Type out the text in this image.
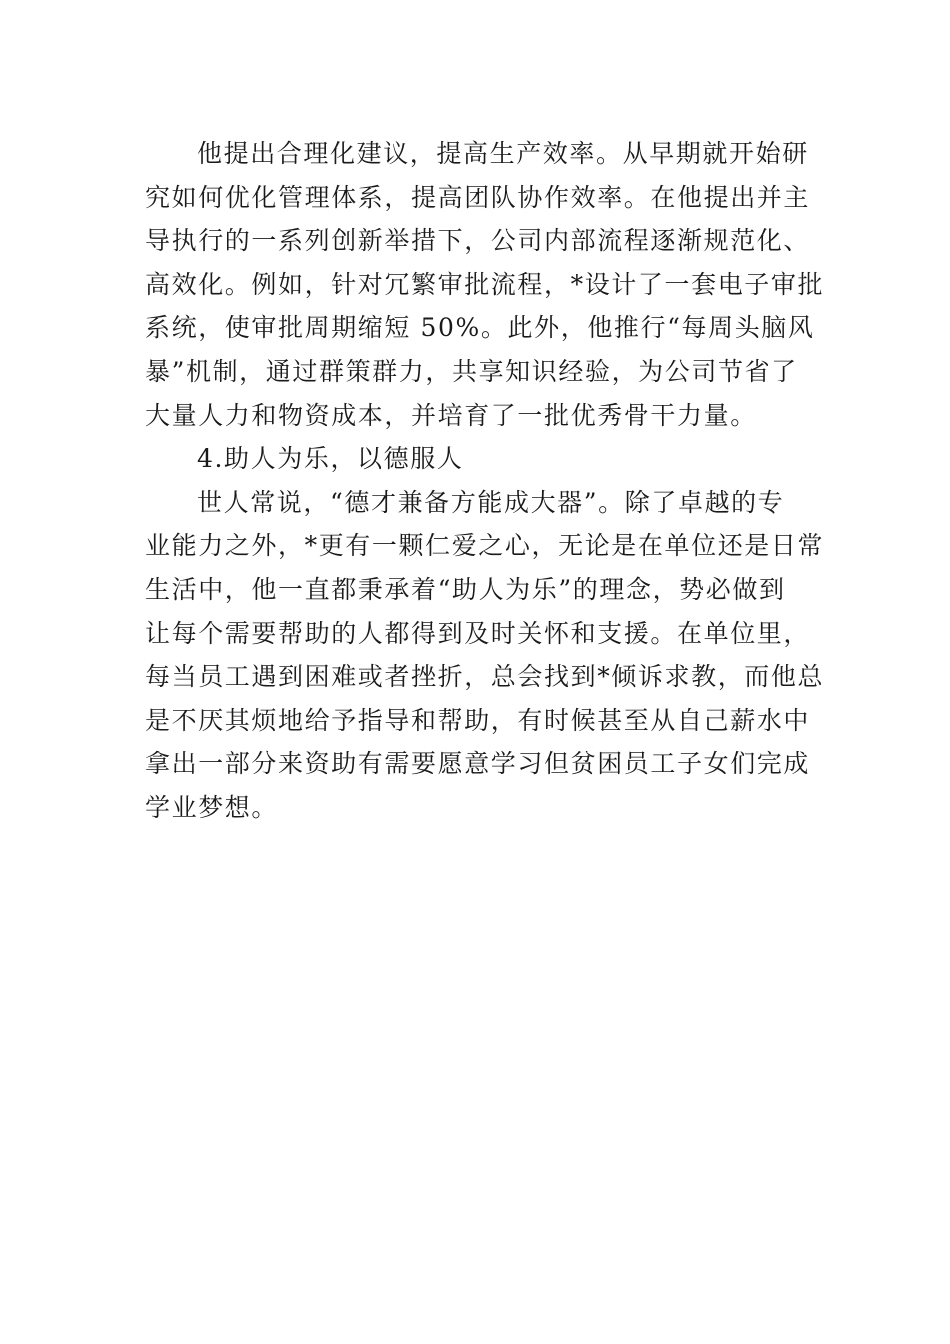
他提出合理化建议，提高生产效率。从早期就开始研
究如何优化管理体系，提高团队协作效率。在他提出并主
导执行的一系列创新举措下，公司内部流程逐渐规范化、
高效化。例如，针对冗繁审批流程，*设计了一套电子审批
系统，使审批周期缩短 50%。此外，他推行“每周头脑风
暴”机制，通过群策群力，共享知识经验，为公司节省了
大量人力和物资成本，并培育了一批优秀骨干力量。
4.助人为乐，以德服人
世人常说，“德才兼备方能成大器”。除了卓越的专
业能力之外，*更有一颗仁爱之心，无论是在单位还是日常
生活中，他一直都秉承着“助人为乐”的理念，势必做到
让每个需要帮助的人都得到及时关怀和支援。在单位里，
每当员工遇到困难或者挫折，总会找到*倾诉求教，而他总
是不厌其烦地给予指导和帮助，有时候甚至从自己薪水中
拿出一部分来资助有需要愿意学习但贫困员工子女们完成
学业梦想。
